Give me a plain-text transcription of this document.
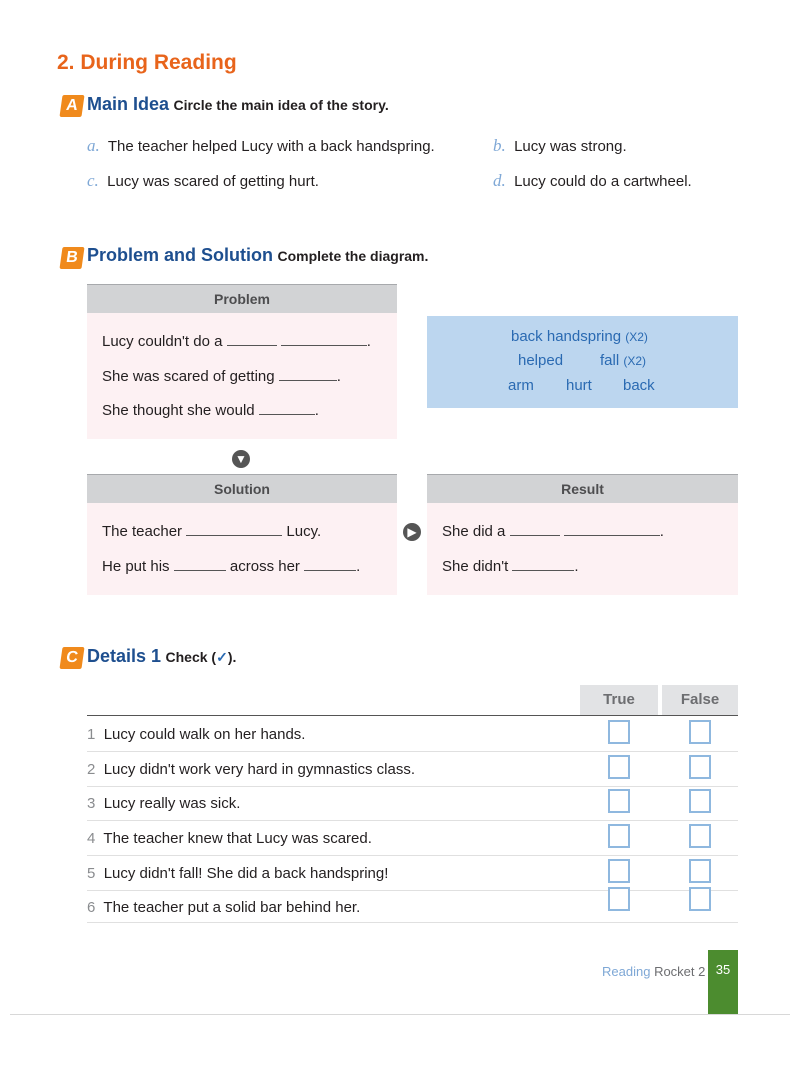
2. During Reading
A Main Idea Circle the main idea of the story.
a. The teacher helped Lucy with a back handspring.	b. Lucy was strong.
c. Lucy was scared of getting hurt.	d. Lucy could do a cartwheel.
B Problem and Solution Complete the diagram.
Problem
Lucy couldn't do a	.
She was scared of getting	.
She thought she would	.
back handspring (X2)
helped fall (X2)
arm hurt back
▼
Solution
The teacher	Lucy.
He put his	across her	.
▶
Result
She did a	.
She didn't	.
C Details 1 Check (✓).
True	False
1 Lucy could walk on her hands.
2 Lucy didn't work very hard in gymnastics class.
3 Lucy really was sick.
4 The teacher knew that Lucy was scared.
5 Lucy didn't fall! She did a back handspring!
6 The teacher put a solid bar behind her.
Reading Rocket 2 35
